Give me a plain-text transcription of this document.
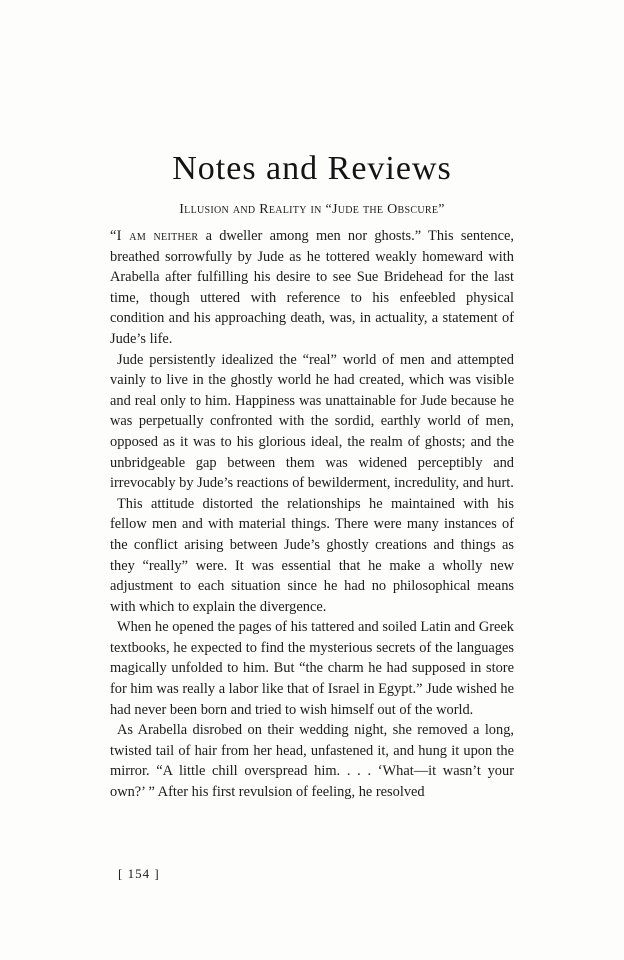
Notes and Reviews
Illusion and Reality in “Jude the Obscure”

“I am neither a dweller among men nor ghosts.” This sentence, breathed sorrowfully by Jude as he tottered weakly homeward with Arabella after fulfilling his desire to see Sue Bridehead for the last time, though uttered with reference to his enfeebled physical condition and his approaching death, was, in actuality, a statement of Jude’s life.

Jude persistently idealized the “real” world of men and attempted vainly to live in the ghostly world he had created, which was visible and real only to him. Happiness was unattainable for Jude because he was perpetually confronted with the sordid, earthly world of men, opposed as it was to his glorious ideal, the realm of ghosts; and the unbridgeable gap between them was widened perceptibly and irrevocably by Jude’s reactions of bewilderment, incredulity, and hurt.

This attitude distorted the relationships he maintained with his fellow men and with material things. There were many instances of the conflict arising between Jude’s ghostly creations and things as they “really” were. It was essential that he make a wholly new adjustment to each situation since he had no philosophical means with which to explain the divergence.

When he opened the pages of his tattered and soiled Latin and Greek textbooks, he expected to find the mysterious secrets of the languages magically unfolded to him. But “the charm he had supposed in store for him was really a labor like that of Israel in Egypt.” Jude wished he had never been born and tried to wish himself out of the world.

As Arabella disrobed on their wedding night, she removed a long, twisted tail of hair from her head, unfastened it, and hung it upon the mirror. “A little chill overspread him. . . . ‘What—it wasn’t your own?’ ” After his first revulsion of feeling, he resolved

[ 154 ]
